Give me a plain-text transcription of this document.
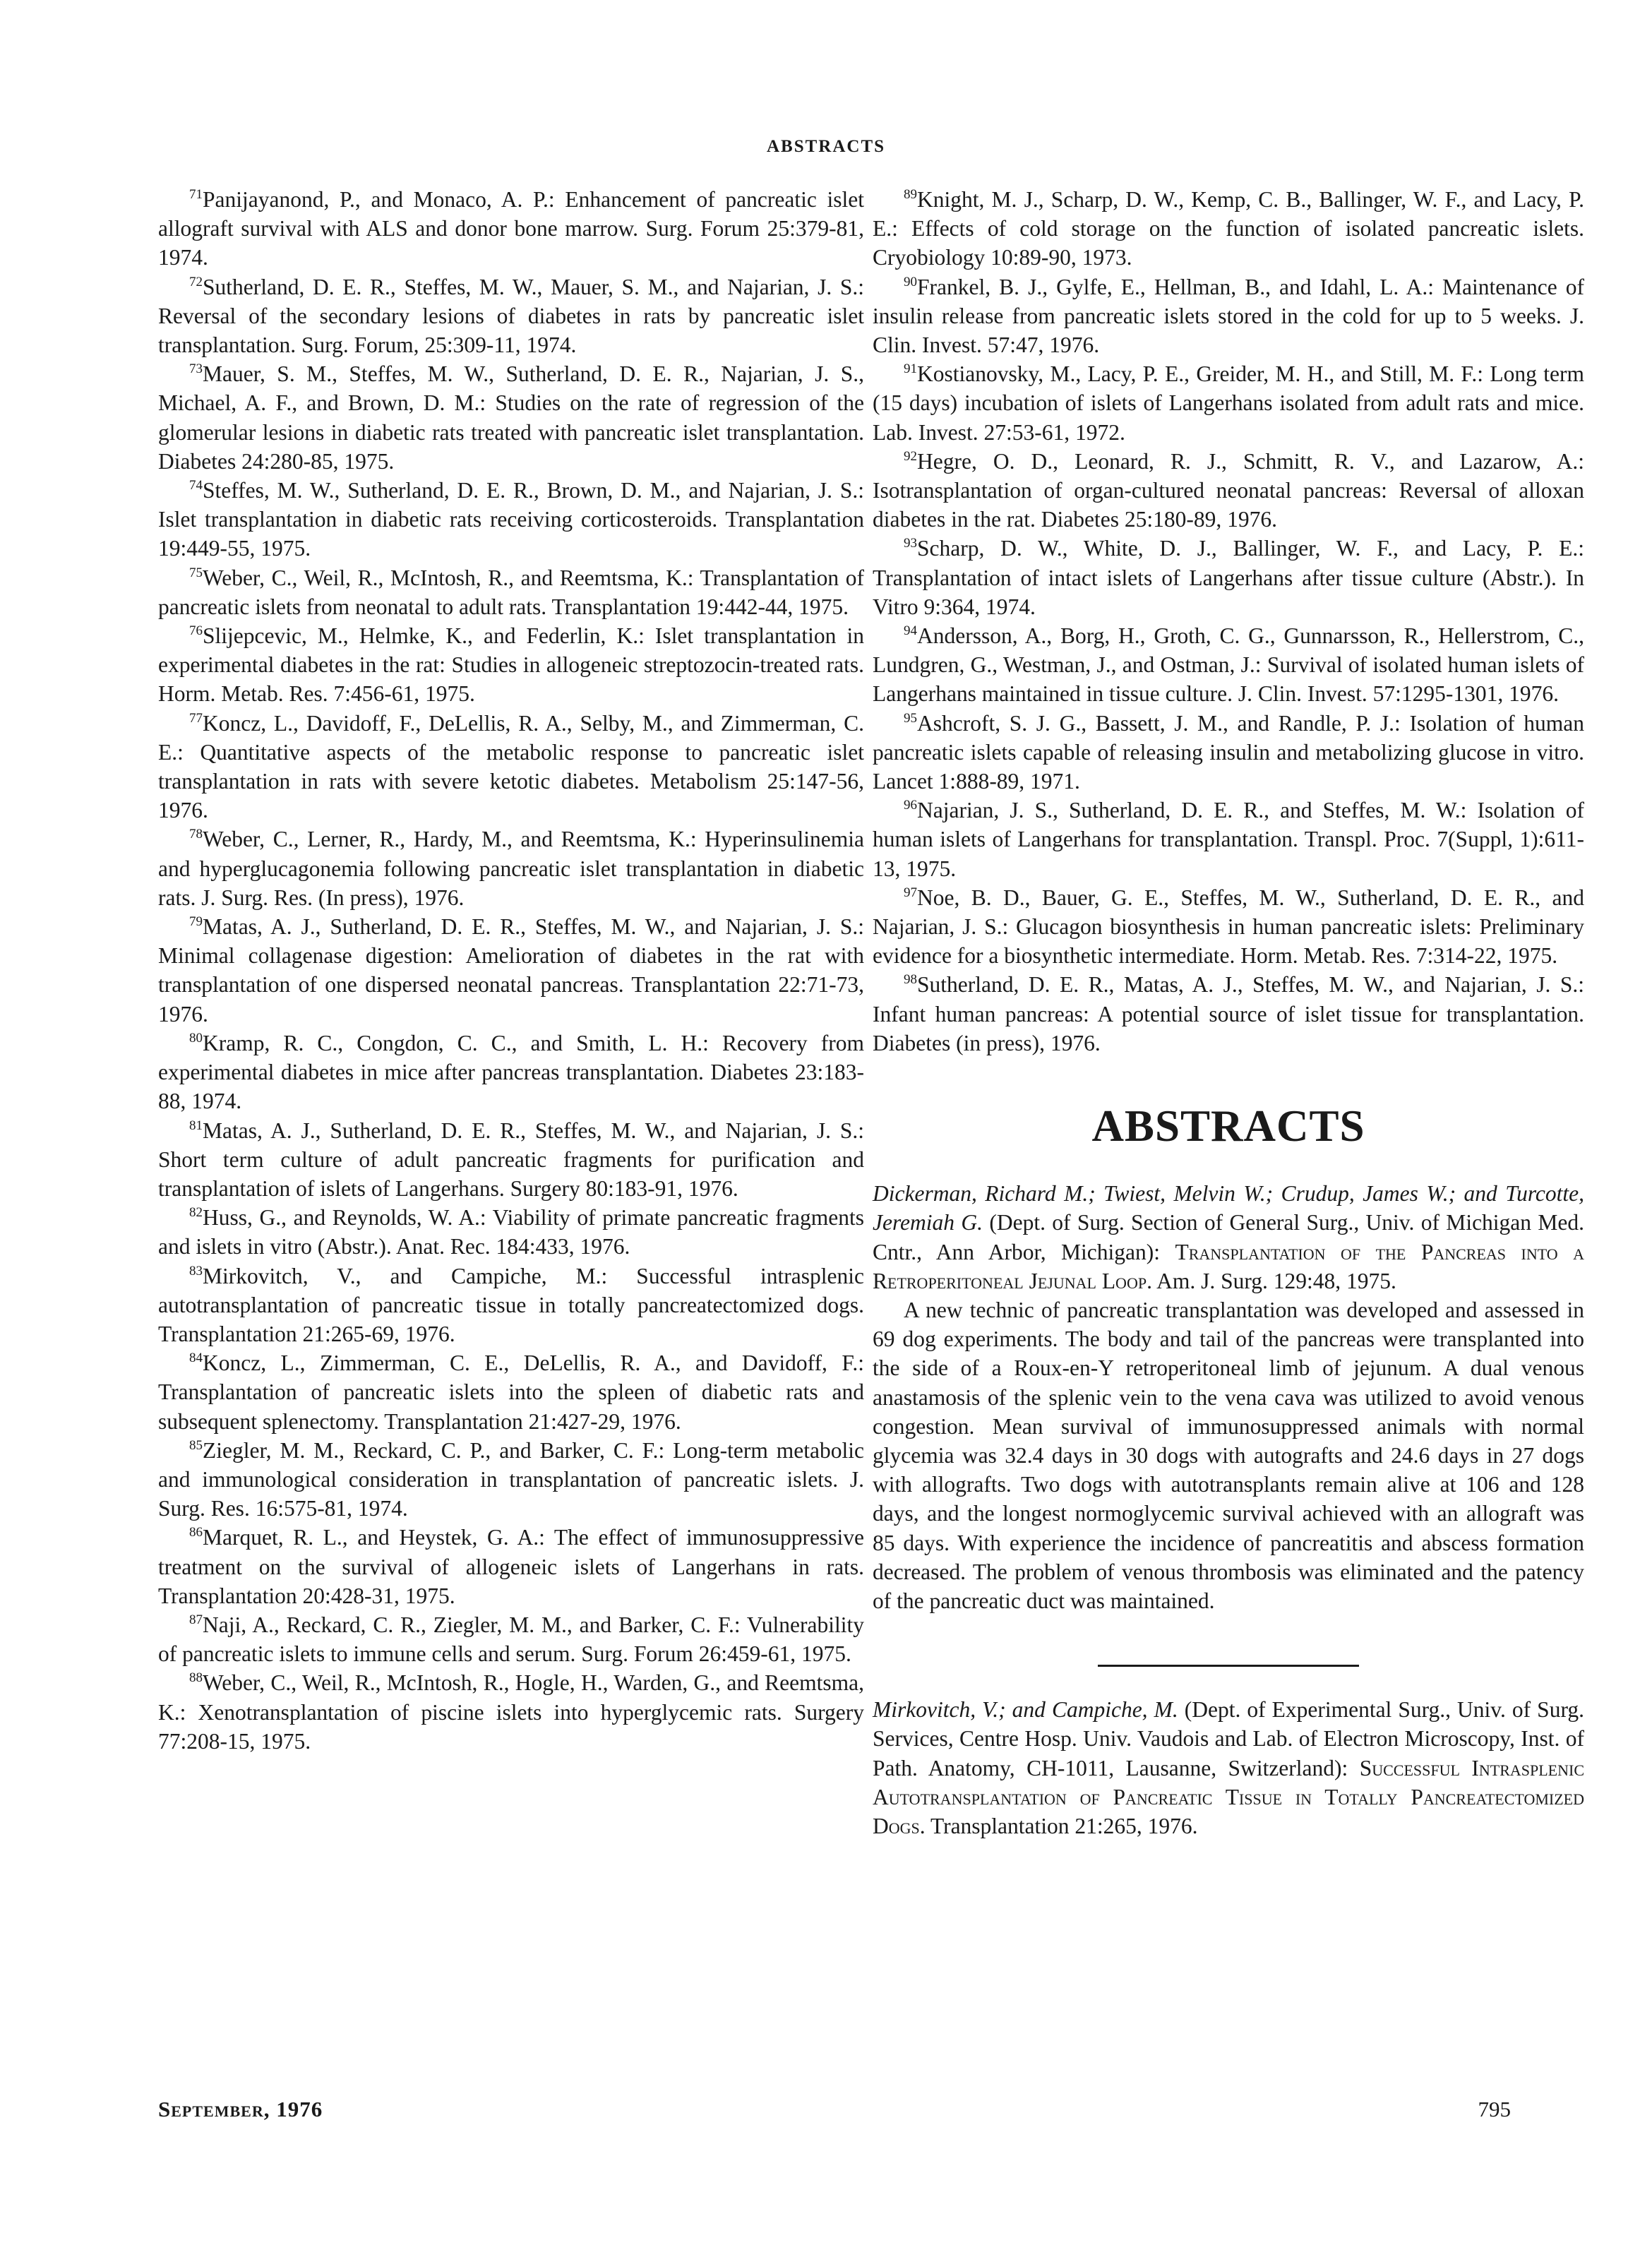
ABSTRACTS

$^{71}$Panijayanond, P., and Monaco, A. P.: Enhancement of pancreatic islet allograft survival with ALS and donor bone marrow. Surg. Forum 25:379-81, 1974.

$^{72}$Sutherland, D. E. R., Steffes, M. W., Mauer, S. M., and Najarian, J. S.: Reversal of the secondary lesions of diabetes in rats by pancreatic islet transplantation. Surg. Forum, 25:309-11, 1974.

$^{73}$Mauer, S. M., Steffes, M. W., Sutherland, D. E. R., Najarian, J. S., Michael, A. F., and Brown, D. M.: Studies on the rate of regression of the glomerular lesions in diabetic rats treated with pancreatic islet transplantation. Diabetes 24:280-85, 1975.

$^{74}$Steffes, M. W., Sutherland, D. E. R., Brown, D. M., and Najarian, J. S.: Islet transplantation in diabetic rats receiving corticosteroids. Transplantation 19:449-55, 1975.

$^{75}$Weber, C., Weil, R., McIntosh, R., and Reemtsma, K.: Transplantation of pancreatic islets from neonatal to adult rats. Transplantation 19:442-44, 1975.

$^{76}$Slijepcevic, M., Helmke, K., and Federlin, K.: Islet transplantation in experimental diabetes in the rat: Studies in allogeneic streptozocin-treated rats. Horm. Metab. Res. 7:456-61, 1975.

$^{77}$Koncz, L., Davidoff, F., DeLellis, R. A., Selby, M., and Zimmerman, C. E.: Quantitative aspects of the metabolic response to pancreatic islet transplantation in rats with severe ketotic diabetes. Metabolism 25:147-56, 1976.

$^{78}$Weber, C., Lerner, R., Hardy, M., and Reemtsma, K.: Hyperinsulinemia and hyperglucagonemia following pancreatic islet transplantation in diabetic rats. J. Surg. Res. (In press), 1976.

$^{79}$Matas, A. J., Sutherland, D. E. R., Steffes, M. W., and Najarian, J. S.: Minimal collagenase digestion: Amelioration of diabetes in the rat with transplantation of one dispersed neonatal pancreas. Transplantation 22:71-73, 1976.

$^{80}$Kramp, R. C., Congdon, C. C., and Smith, L. H.: Recovery from experimental diabetes in mice after pancreas transplantation. Diabetes 23:183-88, 1974.

$^{81}$Matas, A. J., Sutherland, D. E. R., Steffes, M. W., and Najarian, J. S.: Short term culture of adult pancreatic fragments for purification and transplantation of islets of Langerhans. Surgery 80:183-91, 1976.

$^{82}$Huss, G., and Reynolds, W. A.: Viability of primate pancreatic fragments and islets in vitro (Abstr.). Anat. Rec. 184:433, 1976.

$^{83}$Mirkovitch, V., and Campiche, M.: Successful intrasplenic autotransplantation of pancreatic tissue in totally pancreatectomized dogs. Transplantation 21:265-69, 1976.

$^{84}$Koncz, L., Zimmerman, C. E., DeLellis, R. A., and Davidoff, F.: Transplantation of pancreatic islets into the spleen of diabetic rats and subsequent splenectomy. Transplantation 21:427-29, 1976.

$^{85}$Ziegler, M. M., Reckard, C. P., and Barker, C. F.: Long-term metabolic and immunological consideration in transplantation of pancreatic islets. J. Surg. Res. 16:575-81, 1974.

$^{86}$Marquet, R. L., and Heystek, G. A.: The effect of immunosuppressive treatment on the survival of allogeneic islets of Langerhans in rats. Transplantation 20:428-31, 1975.

$^{87}$Naji, A., Reckard, C. R., Ziegler, M. M., and Barker, C. F.: Vulnerability of pancreatic islets to immune cells and serum. Surg. Forum 26:459-61, 1975.

$^{88}$Weber, C., Weil, R., McIntosh, R., Hogle, H., Warden, G., and Reemtsma, K.: Xenotransplantation of piscine islets into hyperglycemic rats. Surgery 77:208-15, 1975.

$^{89}$Knight, M. J., Scharp, D. W., Kemp, C. B., Ballinger, W. F., and Lacy, P. E.: Effects of cold storage on the function of isolated pancreatic islets. Cryobiology 10:89-90, 1973.

$^{90}$Frankel, B. J., Gylfe, E., Hellman, B., and Idahl, L. A.: Maintenance of insulin release from pancreatic islets stored in the cold for up to 5 weeks. J. Clin. Invest. 57:47, 1976.

$^{91}$Kostianovsky, M., Lacy, P. E., Greider, M. H., and Still, M. F.: Long term (15 days) incubation of islets of Langerhans isolated from adult rats and mice. Lab. Invest. 27:53-61, 1972.

$^{92}$Hegre, O. D., Leonard, R. J., Schmitt, R. V., and Lazarow, A.: Isotransplantation of organ-cultured neonatal pancreas: Reversal of alloxan diabetes in the rat. Diabetes 25:180-89, 1976.

$^{93}$Scharp, D. W., White, D. J., Ballinger, W. F., and Lacy, P. E.: Transplantation of intact islets of Langerhans after tissue culture (Abstr.). In Vitro 9:364, 1974.

$^{94}$Andersson, A., Borg, H., Groth, C. G., Gunnarsson, R., Hellerstrom, C., Lundgren, G., Westman, J., and Ostman, J.: Survival of isolated human islets of Langerhans maintained in tissue culture. J. Clin. Invest. 57:1295-1301, 1976.

$^{95}$Ashcroft, S. J. G., Bassett, J. M., and Randle, P. J.: Isolation of human pancreatic islets capable of releasing insulin and metabolizing glucose in vitro. Lancet 1:888-89, 1971.

$^{96}$Najarian, J. S., Sutherland, D. E. R., and Steffes, M. W.: Isolation of human islets of Langerhans for transplantation. Transpl. Proc. 7(Suppl, 1):611-13, 1975.

$^{97}$Noe, B. D., Bauer, G. E., Steffes, M. W., Sutherland, D. E. R., and Najarian, J. S.: Glucagon biosynthesis in human pancreatic islets: Preliminary evidence for a biosynthetic intermediate. Horm. Metab. Res. 7:314-22, 1975.

$^{98}$Sutherland, D. E. R., Matas, A. J., Steffes, M. W., and Najarian, J. S.: Infant human pancreas: A potential source of islet tissue for transplantation. Diabetes (in press), 1976.

ABSTRACTS

Dickerman, Richard M.; Twiest, Melvin W.; Crudup, James W.; and Turcotte, Jeremiah G. (Dept. of Surg. Section of General Surg., Univ. of Michigan Med. Cntr., Ann Arbor, Michigan): Transplantation of the Pancreas into a Retroperitoneal Jejunal Loop. Am. J. Surg. 129:48, 1975.

A new technic of pancreatic transplantation was developed and assessed in 69 dog experiments. The body and tail of the pancreas were transplanted into the side of a Roux-en-Y retroperitoneal limb of jejunum. A dual venous anastamosis of the splenic vein to the vena cava was utilized to avoid venous congestion. Mean survival of immunosuppressed animals with normal glycemia was 32.4 days in 30 dogs with autografts and 24.6 days in 27 dogs with allografts. Two dogs with autotransplants remain alive at 106 and 128 days, and the longest normoglycemic survival achieved with an allograft was 85 days. With experience the incidence of pancreatitis and abscess formation decreased. The problem of venous thrombosis was eliminated and the patency of the pancreatic duct was maintained.

Mirkovitch, V.; and Campiche, M. (Dept. of Experimental Surg., Univ. of Surg. Services, Centre Hosp. Univ. Vaudois and Lab. of Electron Microscopy, Inst. of Path. Anatomy, CH-1011, Lausanne, Switzerland): Successful Intrasplenic Autotransplantation of Pancreatic Tissue in Totally Pancreatectomized Dogs. Transplantation 21:265, 1976.

September, 1976	795
